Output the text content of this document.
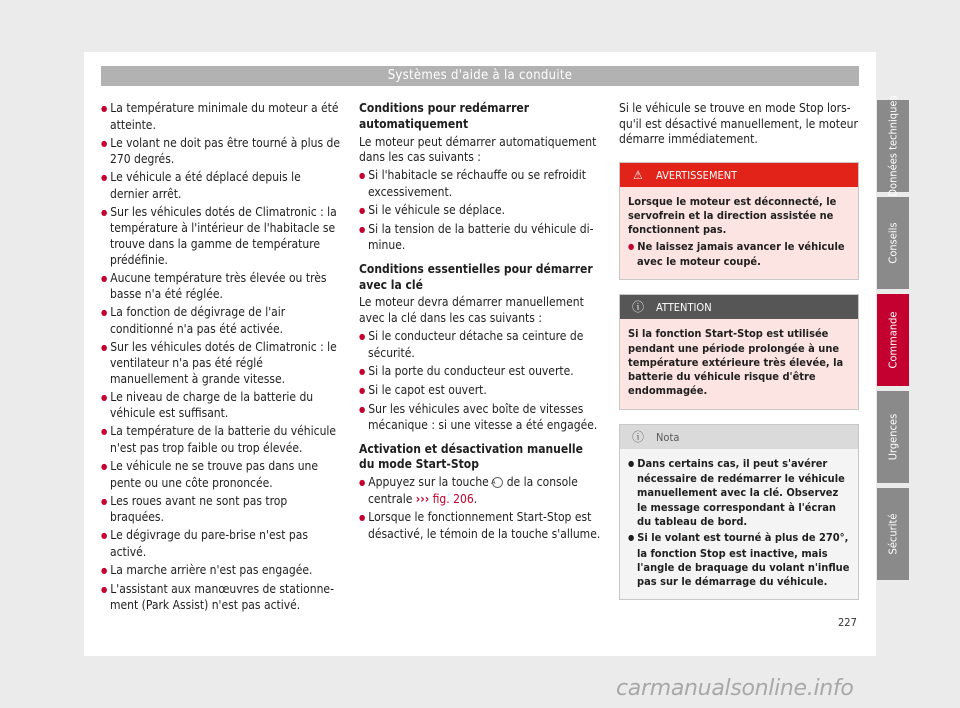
Systèmes d'aide à la conduite

● La température minimale du moteur a été atteinte.

● Le volant ne doit pas être tourné à plus de 270 degrés.

● Le véhicule a été déplacé depuis le dernier arrêt.

● Sur les véhicules dotés de Climatronic : la température à l'intérieur de l'habitacle se trouve dans la gamme de température prédéfinie.

● Aucune température très élevée ou très basse n'a été réglée.

● La fonction de dégivrage de l'air conditionné n'a pas été activée.

● Sur les véhicules dotés de Climatronic : le ventilateur n'a pas été réglé manuellement à grande vitesse.

● Le niveau de charge de la batterie du véhicule est suffisant.

● La température de la batterie du véhicule n'est pas trop faible ou trop élevée.

● Le véhicule ne se trouve pas dans une pente ou une côte prononcée.

● Les roues avant ne sont pas trop braquées.

● Le dégivrage du pare-brise n'est pas activé.

● La marche arrière n'est pas engagée.

● L'assistant aux manœuvres de stationnement (Park Assist) n'est pas activé.

Conditions pour redémarrer automatiquement

Le moteur peut démarrer automatiquement dans les cas suivants :

● Si l'habitacle se réchauffe ou se refroidit excessivement.

● Si le véhicule se déplace.

● Si la tension de la batterie du véhicule diminue.

Conditions essentielles pour démarrer avec la clé

Le moteur devra démarrer manuellement avec la clé dans les cas suivants :

● Si le conducteur détache sa ceinture de sécurité.

● Si la porte du conducteur est ouverte.

● Si le capot est ouvert.

● Sur les véhicules avec boîte de vitesses mécanique : si une vitesse a été engagée.

Activation et désactivation manuelle du mode Start-Stop

● Appuyez sur la touche A de la console centrale ››› fig. 206.

● Lorsque le fonctionnement Start-Stop est désactivé, le témoin de la touche s'allume.

Si le véhicule se trouve en mode Stop lorsqu'il est désactivé manuellement, le moteur démarre immédiatement.

⚠ AVERTISSEMENT

Lorsque le moteur est déconnecté, le servofrein et la direction assistée ne fonctionnent pas.

● Ne laissez jamais avancer le véhicule avec le moteur coupé.

ⓘ ATTENTION

Si la fonction Start-Stop est utilisée pendant une période prolongée à une température extérieure très élevée, la batterie du véhicule risque d'être endommagée.

ⓘ Nota

● Dans certains cas, il peut s'avérer nécessaire de redémarrer le véhicule manuellement avec la clé. Observez le message correspondant à l'écran du tableau de bord.

● Si le volant est tourné à plus de 270°, la fonction Stop est inactive, mais l'angle de braquage du volant n'influe pas sur le démarrage du véhicule.

Données techniques
Conseils
Commande
Urgences
Sécurité
227
carmanualsonline.info
